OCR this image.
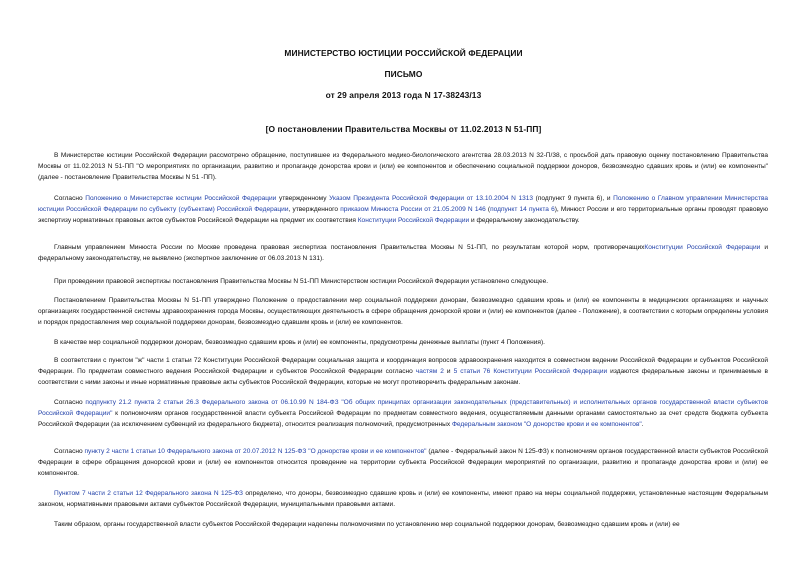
МИНИСТЕРСТВО ЮСТИЦИИ РОССИЙСКОЙ ФЕДЕРАЦИИ
ПИСЬМО
от 29 апреля 2013 года N 17-38243/13
[О постановлении Правительства Москвы от 11.02.2013 N 51-ПП]

В Министерстве юстиции Российской Федерации рассмотрено обращение, поступившее из Федерального медико-биологического агентства 28.03.2013 N 32-П/38, с просьбой дать правовую оценку постановлению Правительства Москвы от 11.02.2013 N 51-ПП "О мероприятиях по организации, развитию и пропаганде донорства крови и (или) ее компонентов и обеспечению социальной поддержки доноров, безвозмездно сдавших кровь и (или) ее компоненты" (далее - постановление Правительства Москвы N 51 -ПП).

Согласно Положению о Министерстве юстиции Российской Федерации утвержденному Указом Президента Российской Федерации от 13.10.2004 N 1313 (подпункт 9 пункта 6), и Положению о Главном управлении Министерства юстиции Российской Федерации по субъекту (субъектам) Российской Федерации, утвержденного приказом Минюста России от 21.05.2009 N 146 (подпункт 14 пункта 6), Минюст России и его территориальные органы проводят правовую экспертизу нормативных правовых актов субъектов Российской Федерации на предмет их соответствия Конституции Российской Федерации и федеральному законодательству.

Главным управлением Минюста России по Москве проведена правовая экспертиза постановления Правительства Москвы N 51-ПП, по результатам которой норм, противоречащихКонституции Российской Федерации и федеральному законодательству, не выявлено (экспертное заключение от 06.03.2013 N 131).

При проведении правовой экспертизы постановления Правительства Москвы N 51-ПП Министерством юстиции Российской Федерации установлено следующее.

Постановлением Правительства Москвы N 51-ПП утверждено Положение о предоставлении мер социальной поддержки донорам, безвозмездно сдавшим кровь и (или) ее компоненты в медицинских организациях и научных организациях государственной системы здравоохранения города Москвы, осуществляющих деятельность в сфере обращения донорской крови и (или) ее компонентов (далее - Положение), в соответствии с которым определены условия и порядок предоставления мер социальной поддержки донорам, безвозмездно сдавшим кровь и (или) ее компонентов.

В качестве мер социальной поддержки донорам, безвозмездно сдавшим кровь и (или) ее компоненты, предусмотрены денежные выплаты (пункт 4 Положения).

В соответствии с пунктом "ж" части 1 статьи 72 Конституции Российской Федерации социальная защита и координация вопросов здравоохранения находится в совместном ведении Российской Федерации и субъектов Российской Федерации. По предметам совместного ведения Российской Федерации и субъектов Российской Федерации согласно частям 2 и 5 статьи 76 Конституции Российской Федерации издаются федеральные законы и принимаемые в соответствии с ними законы и иные нормативные правовые акты субъектов Российской Федерации, которые не могут противоречить федеральным законам.

Согласно подпункту 21.2 пункта 2 статьи 26.3 Федерального закона от 06.10.99 N 184-ФЗ "Об общих принципах организации законодательных (представительных) и исполнительных органов государственной власти субъектов Российской Федерации" к полномочиям органов государственной власти субъекта Российской Федерации по предметам совместного ведения, осуществляемым данными органами самостоятельно за счет средств бюджета субъекта Российской Федерации (за исключением субвенций из федерального бюджета), относится реализация полномочий, предусмотренных Федеральным законом "О донорстве крови и ее компонентов".

Согласно пункту 2 части 1 статьи 10 Федерального закона от 20.07.2012 N 125-ФЗ "О донорстве крови и ее компонентов" (далее - Федеральный закон N 125-ФЗ) к полномочиям органов государственной власти субъектов Российской Федерации в сфере обращения донорской крови и (или) ее компонентов относится проведение на территории субъекта Российской Федерации мероприятий по организации, развитию и пропаганде донорства крови и (или) ее компонентов.

Пунктом 7 части 2 статьи 12 Федерального закона N 125-ФЗ определено, что доноры, безвозмездно сдавшие кровь и (или) ее компоненты, имеют право на меры социальной поддержки, установленные настоящим Федеральным законом, нормативными правовыми актами субъектов Российской Федерации, муниципальными правовыми актами.

Таким образом, органы государственной власти субъектов Российской Федерации наделены полномочиями по установлению мер социальной поддержки донорам, безвозмездно сдавшим кровь и (или) ее
